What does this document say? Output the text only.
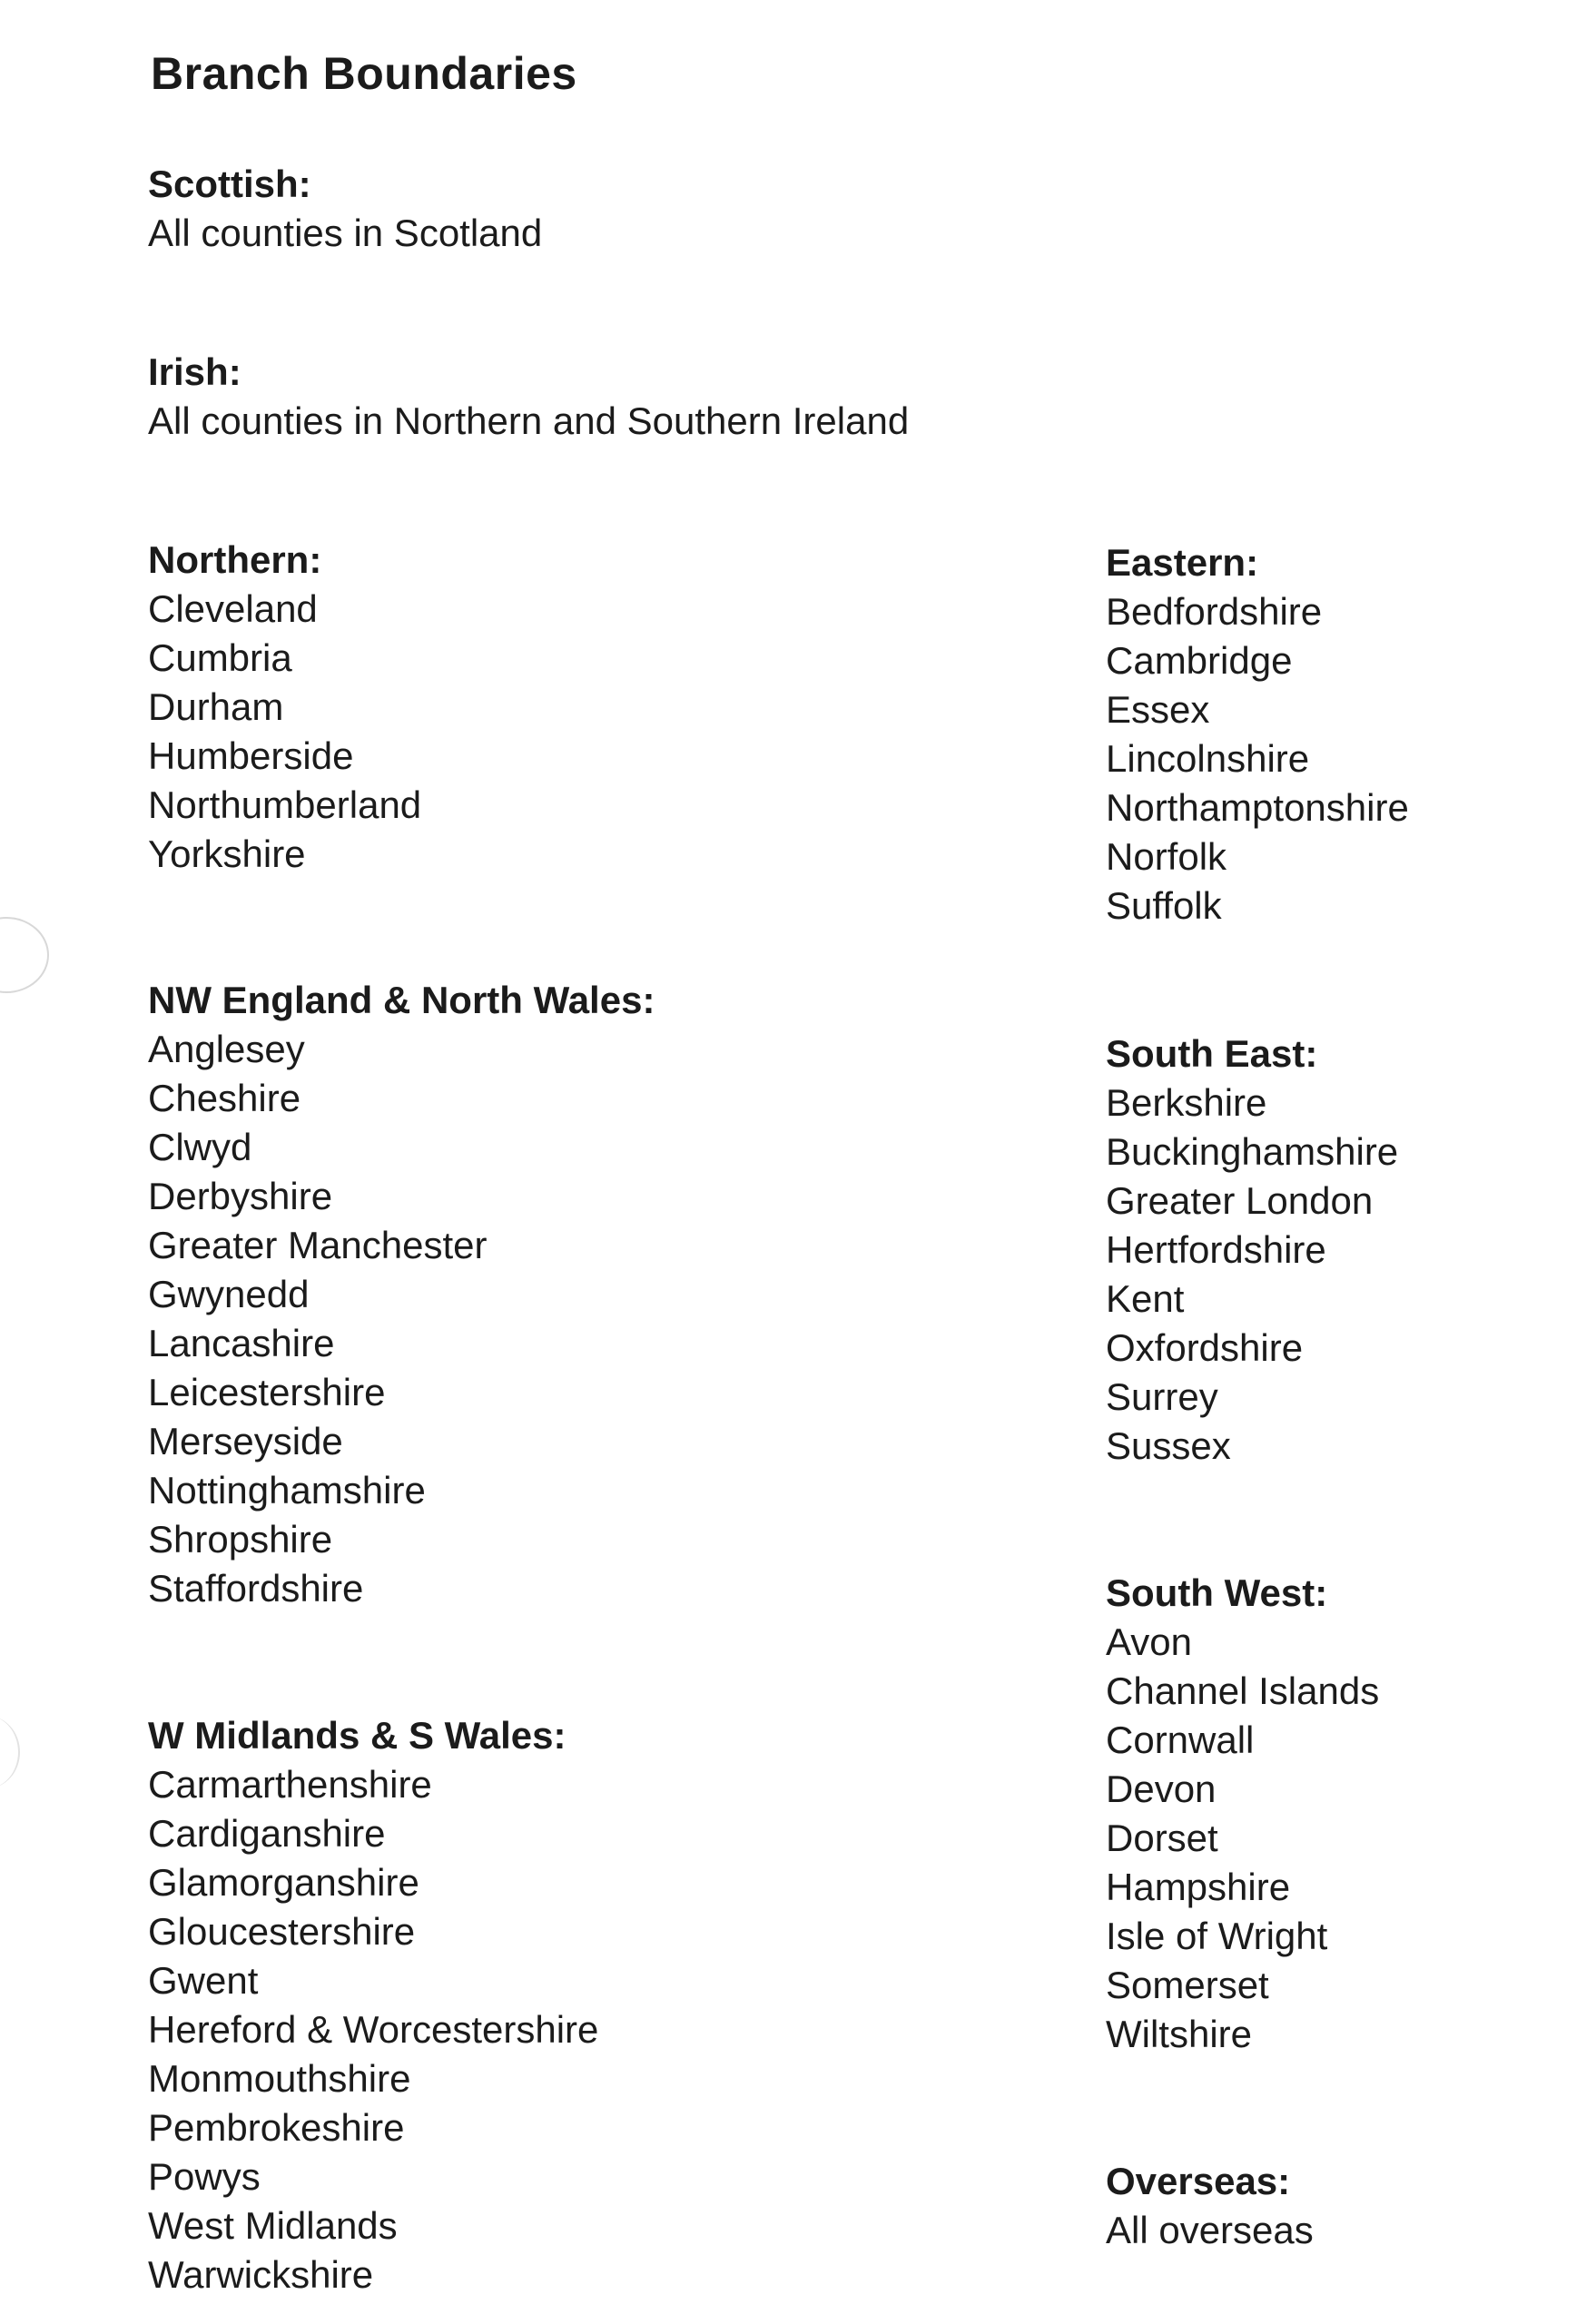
Branch Boundaries
Scottish:
All counties in Scotland
Irish:
All counties in Northern and Southern Ireland
Northern:
Cleveland
Cumbria
Durham
Humberside
Northumberland
Yorkshire
NW England & North Wales:
Anglesey
Cheshire
Clwyd
Derbyshire
Greater Manchester
Gwynedd
Lancashire
Leicestershire
Merseyside
Nottinghamshire
Shropshire
Staffordshire
W Midlands & S Wales:
Carmarthenshire
Cardiganshire
Glamorganshire
Gloucestershire
Gwent
Hereford & Worcestershire
Monmouthshire
Pembrokeshire
Powys
West Midlands
Warwickshire
Eastern:
Bedfordshire
Cambridge
Essex
Lincolnshire
Northamptonshire
Norfolk
Suffolk
South East:
Berkshire
Buckinghamshire
Greater London
Hertfordshire
Kent
Oxfordshire
Surrey
Sussex
South West:
Avon
Channel Islands
Cornwall
Devon
Dorset
Hampshire
Isle of Wright
Somerset
Wiltshire
Overseas:
All overseas
